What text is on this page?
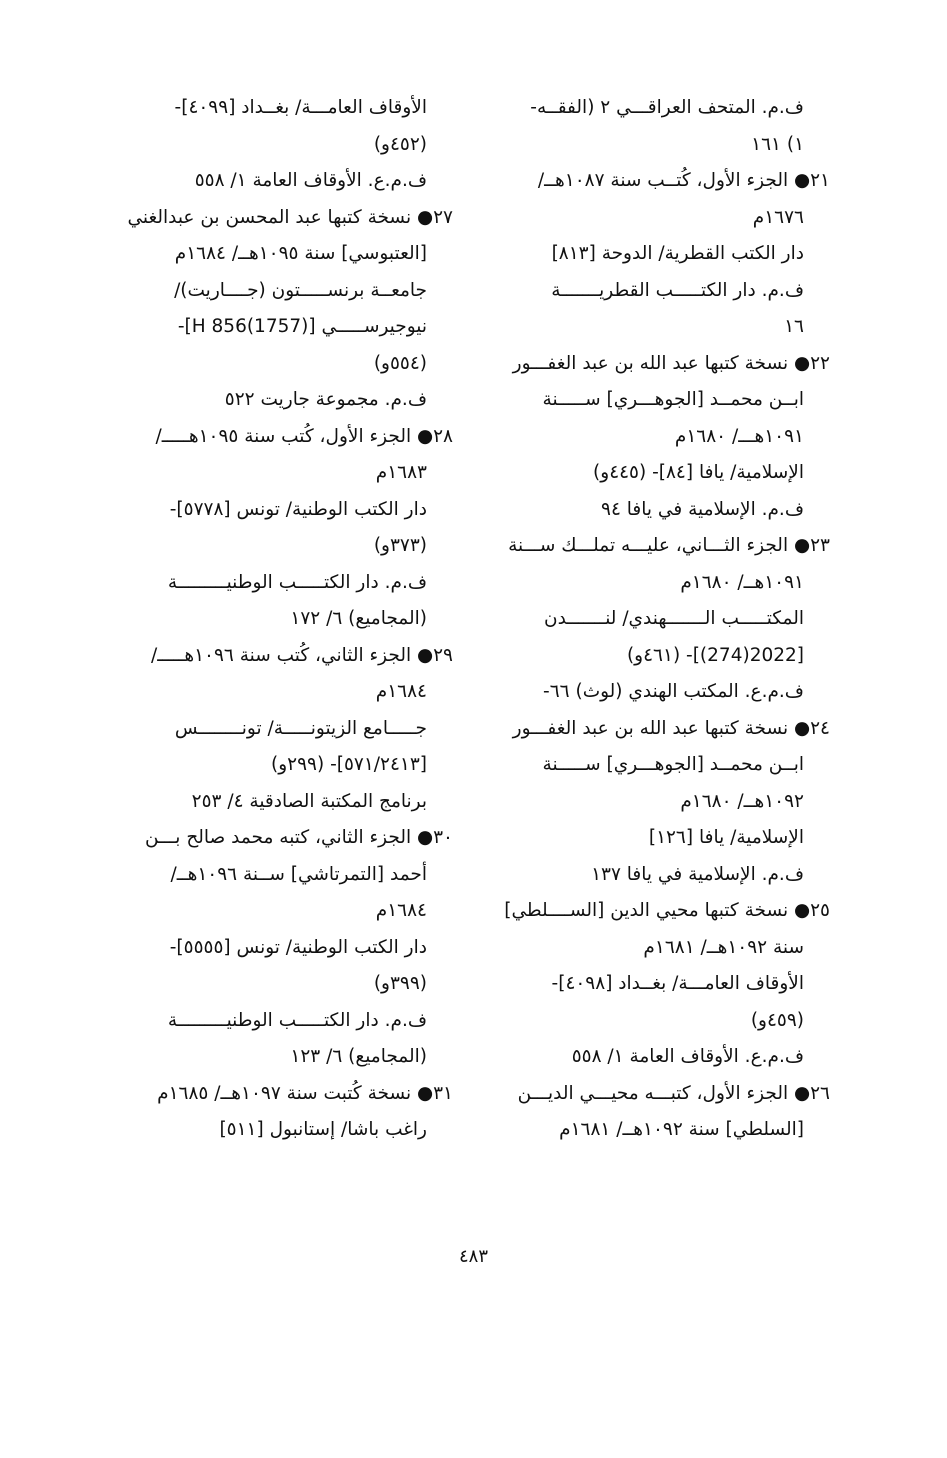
ف.م. المتحف العراقـــي ٢ (الفقــه-
١) ١٦١
٢١● الجزء الأول، كُتــب سنة ١٠٨٧هــ/
١٦٧٦م
دار الكتب القطرية/ الدوحة [٨١٣]
ف.م. دار الكتـــــب القطريـــــــة
١٦
٢٢● نسخة كتبها عبد الله بن عبد الغفـــور
ابــن محمــد [الجوهـــري] ســـــنة
١٠٩١هـــ/ ١٦٨٠م
الإسلامية/ يافا [٨٤]- (٤٤٥و)
ف.م. الإسلامية في يافا ٩٤
٢٣● الجزء الثـــاني، عليـــه تملـــك ســـنة
١٠٩١هــ/ ١٦٨٠م
المكتـــــب الـــــــهندي/ لنـــــــدن
[2022(274)]- (٤٦١و)
ف.م.ع. المكتب الهندي (لوث) ٦٦-
٢٤● نسخة كتبها عبد الله بن عبد الغفـــور
ابــن محمــد [الجوهـــري] ســـــنة
١٠٩٢هــ/ ١٦٨٠م
الإسلامية/ يافا [١٢٦]
ف.م. الإسلامية في يافا ١٣٧
٢٥● نسخة كتبها محيي الدين [الســــلطي]
سنة ١٠٩٢هــ/ ١٦٨١م
الأوقاف العامـــة/ بغــداد [٤٠٩٨]-
(٤٥٩و)
ف.م.ع. الأوقاف العامة ١/ ٥٥٨
٢٦● الجزء الأول، كتبـــه محيـــي الديـــن
[السلطي] سنة ١٠٩٢هــ/ ١٦٨١م
الأوقاف العامـــة/ بغــداد [٤٠٩٩]-
(٤٥٢و)
ف.م.ع. الأوقاف العامة ١/ ٥٥٨
٢٧● نسخة كتبها عبد المحسن بن عبدالغني
[العتبوسي] سنة ١٠٩٥هــ/ ١٦٨٤م
جامعــة برنســـــتون (جــــاريت)/
نيوجيرســـــي [H 856(1757)]-
(٥٥٤و)
ف.م. مجموعة جاريت ٥٢٢
٢٨● الجزء الأول، كُتب سنة ١٠٩٥هـــــ/
١٦٨٣م
دار الكتب الوطنية/ تونس [٥٧٧٨]-
(٣٧٣و)
ف.م. دار الكتـــــب الوطنيـــــــــة
(المجاميع) ٦/ ١٧٢
٢٩● الجزء الثاني، كُتب سنة ١٠٩٦هـــــ/
١٦٨٤م
جـــــامع الزيتونـــــة/ تونــــــــس
[٥٧١/٢٤١٣]- (٢٩٩و)
برنامج المكتبة الصادقية ٤/ ٢٥٣
٣٠● الجزء الثاني، كتبه محمد صالح بـــن
أحمد [التمرتاشي] ســنة ١٠٩٦هــ/
١٦٨٤م
دار الكتب الوطنية/ تونس [٥٥٥٥]-
(٣٩٩و)
ف.م. دار الكتـــــب الوطنيـــــــــة
(المجاميع) ٦/ ١٢٣
٣١● نسخة كُتبت سنة ١٠٩٧هــ/ ١٦٨٥م
راغب باشا/ إستانبول [٥١١]
٤٨٣
